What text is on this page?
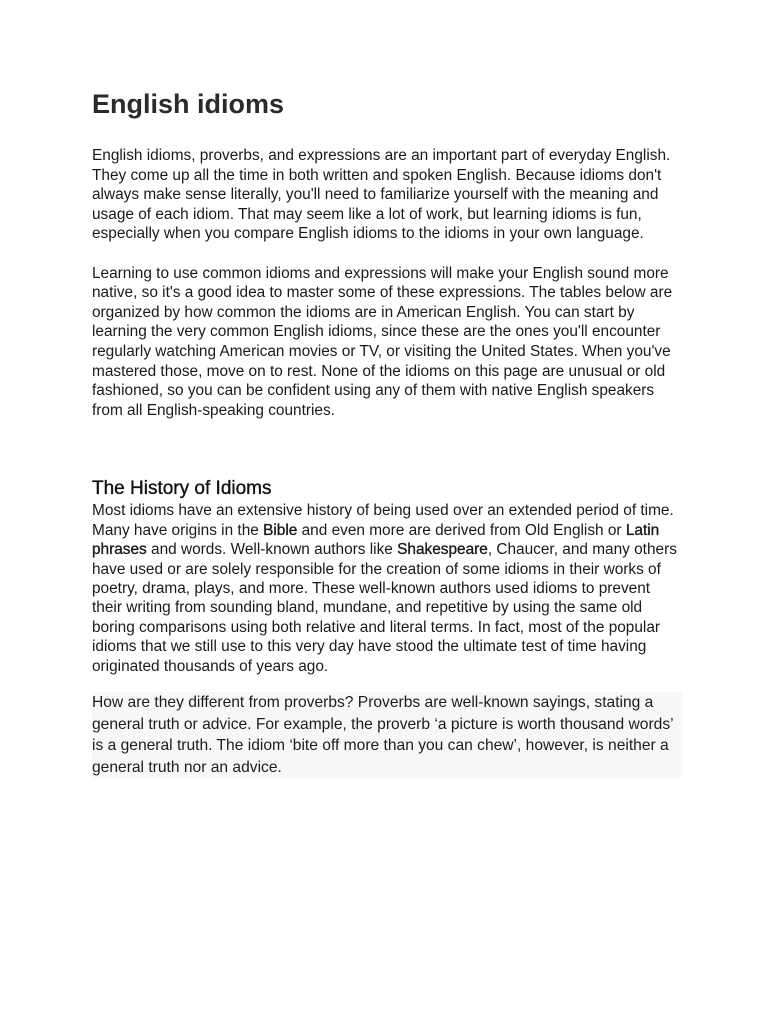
English idioms

English idioms, proverbs, and expressions are an important part of everyday English. They come up all the time in both written and spoken English. Because idioms don't always make sense literally, you'll need to familiarize yourself with the meaning and usage of each idiom. That may seem like a lot of work, but learning idioms is fun, especially when you compare English idioms to the idioms in your own language.

Learning to use common idioms and expressions will make your English sound more native, so it's a good idea to master some of these expressions. The tables below are organized by how common the idioms are in American English. You can start by learning the very common English idioms, since these are the ones you'll encounter regularly watching American movies or TV, or visiting the United States. When you've mastered those, move on to rest. None of the idioms on this page are unusual or old fashioned, so you can be confident using any of them with native English speakers from all English-speaking countries.

The History of Idioms

Most idioms have an extensive history of being used over an extended period of time. Many have origins in the Bible and even more are derived from Old English or Latin phrases and words. Well-known authors like Shakespeare, Chaucer, and many others have used or are solely responsible for the creation of some idioms in their works of poetry, drama, plays, and more. These well-known authors used idioms to prevent their writing from sounding bland, mundane, and repetitive by using the same old boring comparisons using both relative and literal terms. In fact, most of the popular idioms that we still use to this very day have stood the ultimate test of time having originated thousands of years ago.

How are they different from proverbs? Proverbs are well-known sayings, stating a general truth or advice. For example, the proverb ‘a picture is worth thousand words’ is a general truth. The idiom ‘bite off more than you can chew’, however, is neither a general truth nor an advice.
